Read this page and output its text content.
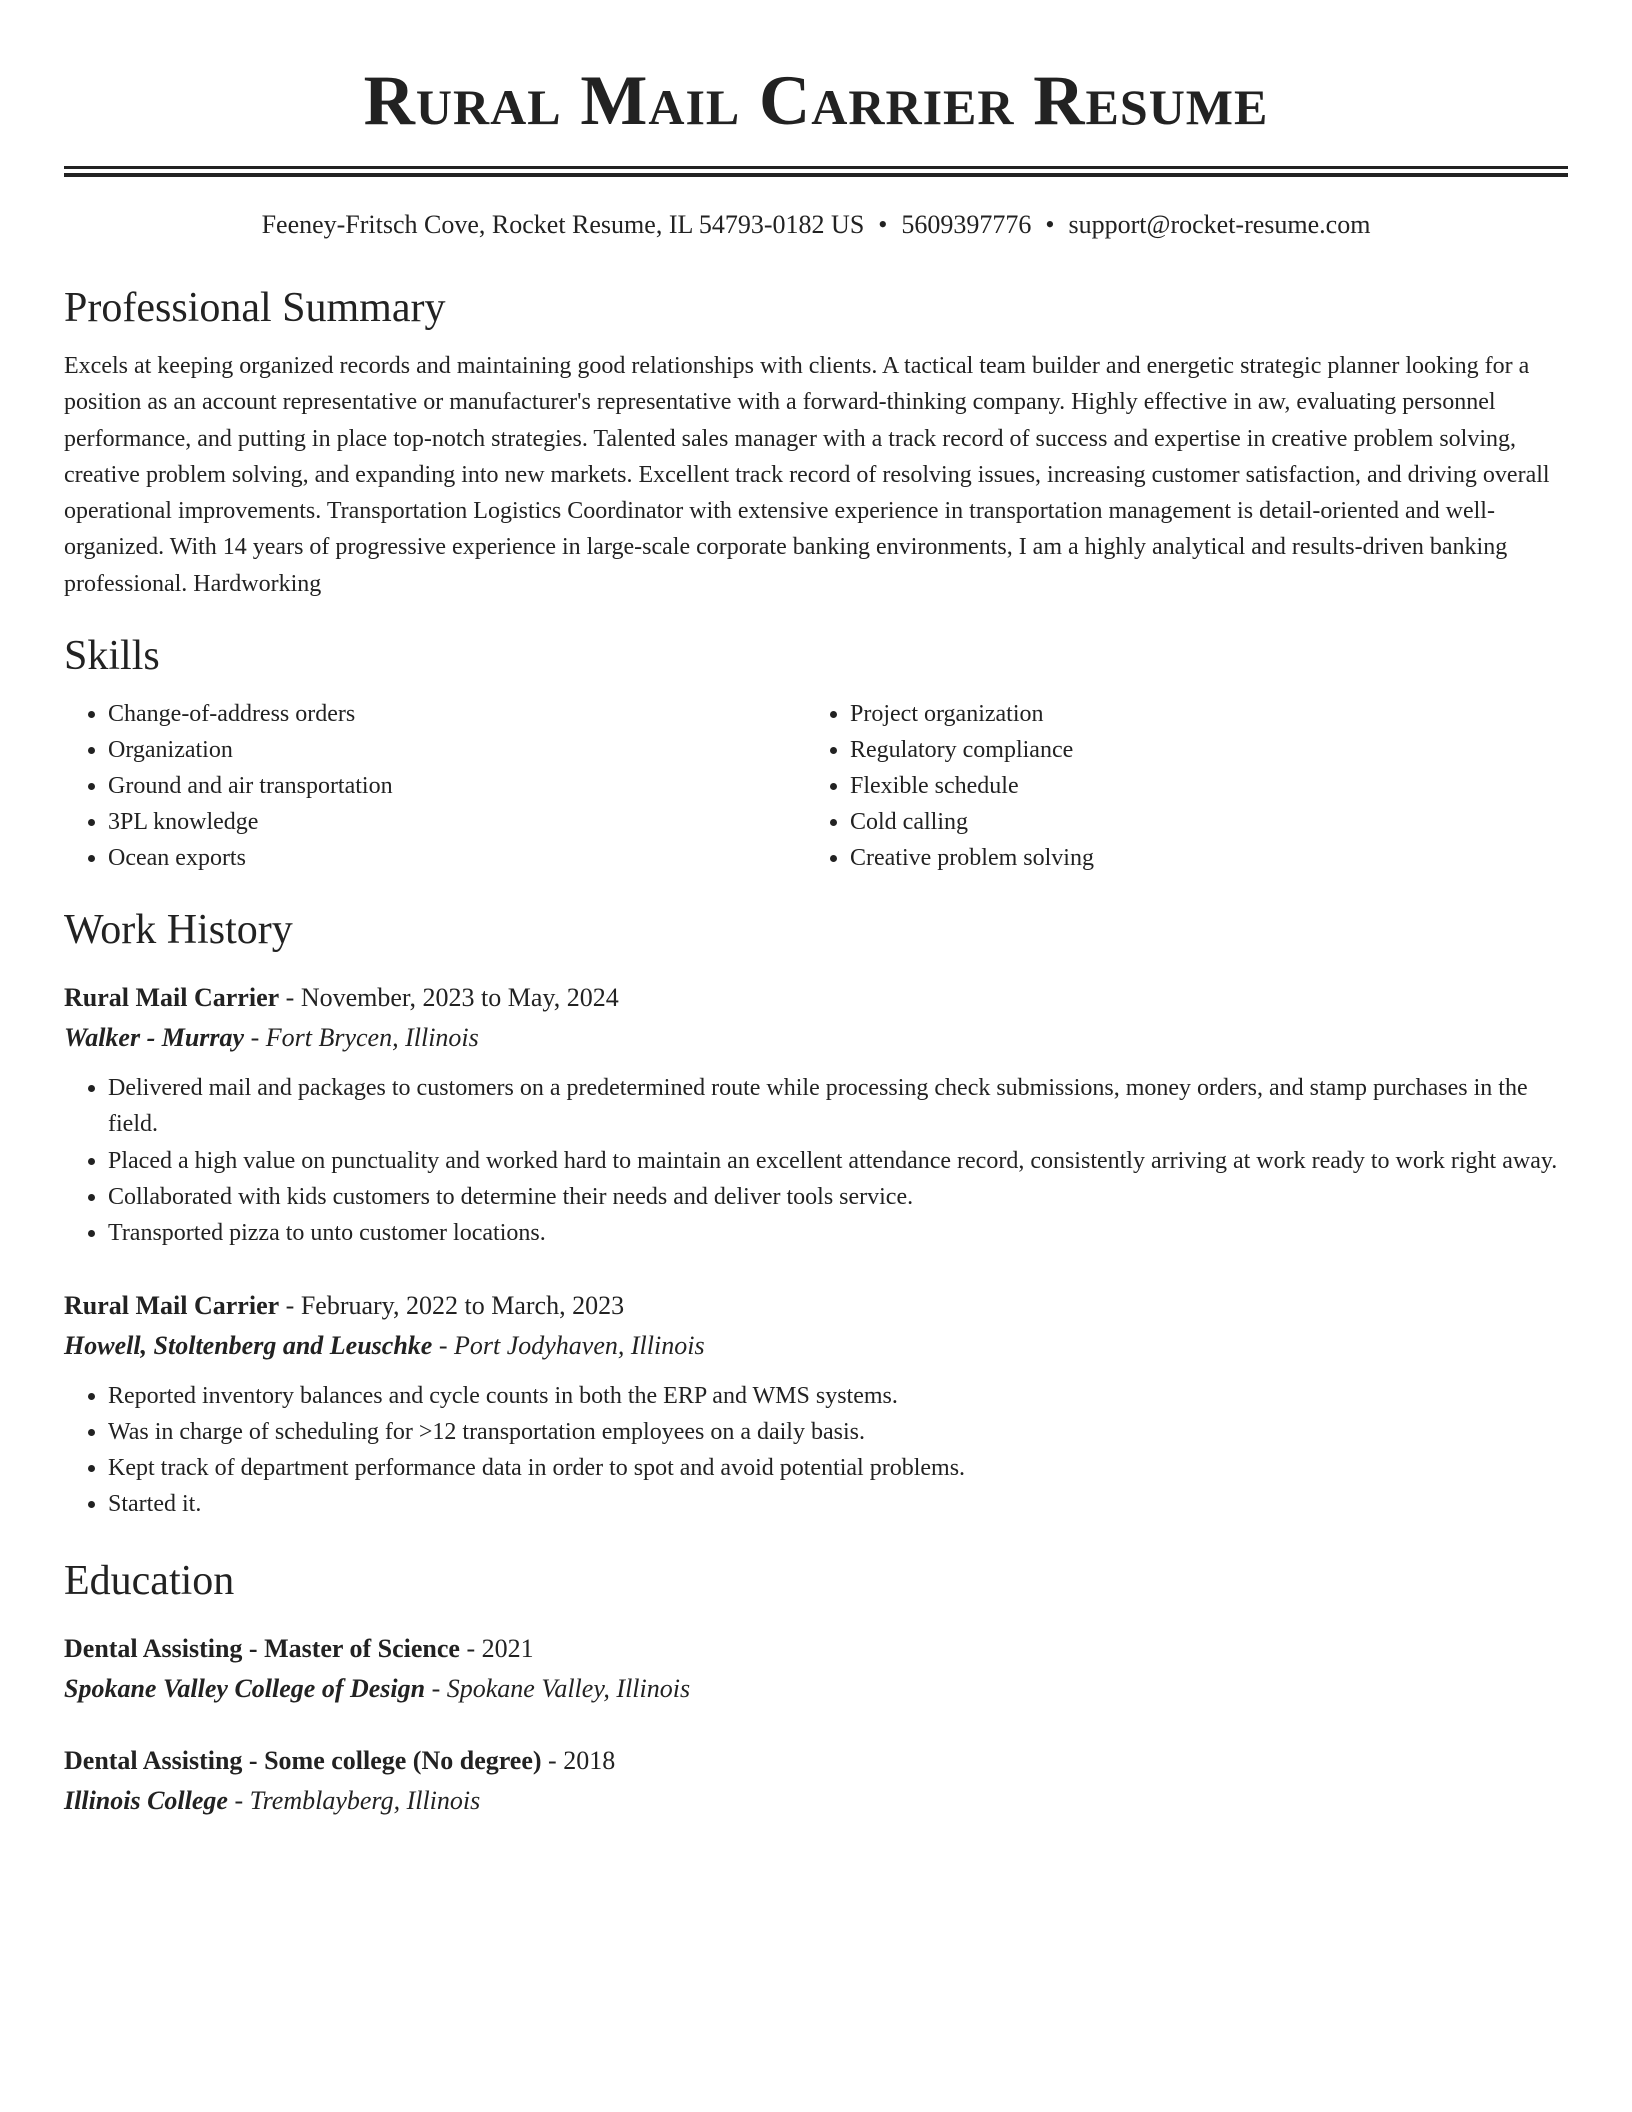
Rural Mail Carrier Resume
Feeney-Fritsch Cove, Rocket Resume, IL 54793-0182 US • 5609397776 • support@rocket-resume.com
Professional Summary

Excels at keeping organized records and maintaining good relationships with clients. A tactical team builder and energetic strategic planner looking for a position as an account representative or manufacturer's representative with a forward-thinking company. Highly effective in aw, evaluating personnel performance, and putting in place top-notch strategies. Talented sales manager with a track record of success and expertise in creative problem solving, creative problem solving, and expanding into new markets. Excellent track record of resolving issues, increasing customer satisfaction, and driving overall operational improvements. Transportation Logistics Coordinator with extensive experience in transportation management is detail-oriented and well-organized. With 14 years of progressive experience in large-scale corporate banking environments, I am a highly analytical and results-driven banking professional. Hardworking

Skills
• Change-of-address orders
• Organization
• Ground and air transportation
• 3PL knowledge
• Ocean exports
• Project organization
• Regulatory compliance
• Flexible schedule
• Cold calling
• Creative problem solving
Work History
Rural Mail Carrier - November, 2023 to May, 2024
Walker - Murray - Fort Brycen, Illinois
• Delivered mail and packages to customers on a predetermined route while processing check submissions, money orders, and stamp purchases in the field.
• Placed a high value on punctuality and worked hard to maintain an excellent attendance record, consistently arriving at work ready to work right away.
• Collaborated with kids customers to determine their needs and deliver tools service.
• Transported pizza to unto customer locations.
Rural Mail Carrier - February, 2022 to March, 2023
Howell, Stoltenberg and Leuschke - Port Jodyhaven, Illinois
• Reported inventory balances and cycle counts in both the ERP and WMS systems.
• Was in charge of scheduling for >12 transportation employees on a daily basis.
• Kept track of department performance data in order to spot and avoid potential problems.
• Started it.
Education
Dental Assisting - Master of Science - 2021
Spokane Valley College of Design - Spokane Valley, Illinois
Dental Assisting - Some college (No degree) - 2018
Illinois College - Tremblayberg, Illinois
